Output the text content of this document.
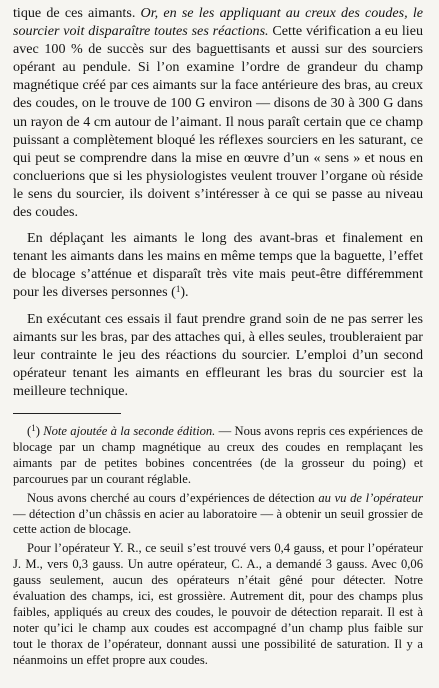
tique de ces aimants. Or, en se les appliquant au creux des coudes, le sourcier voit disparaître toutes ses réactions. Cette vérification a eu lieu avec 100 % de succès sur des baguettisants et aussi sur des sourciers opérant au pendule. Si l’on examine l’ordre de grandeur du champ magnétique créé par ces aimants sur la face antérieure des bras, au creux des coudes, on le trouve de 100 G environ — disons de 30 à 300 G dans un rayon de 4 cm autour de l’aimant. Il nous paraît certain que ce champ puissant a complètement bloqué les réflexes sourciers en les saturant, ce qui peut se comprendre dans la mise en œuvre d’un « sens » et nous en concluerions que si les physiologistes veulent trouver l’organe où réside le sens du sourcier, ils doivent s’intéresser à ce qui se passe au niveau des coudes.

En déplaçant les aimants le long des avant-bras et finalement en tenant les aimants dans les mains en même temps que la baguette, l’effet de blocage s’atténue et disparaît très vite mais peut-être différemment pour les diverses personnes ($^1$).

En exécutant ces essais il faut prendre grand soin de ne pas serrer les aimants sur les bras, par des attaches qui, à elles seules, troubleraient par leur contrainte le jeu des réactions du sourcier. L’emploi d’un second opérateur tenant les aimants en effleurant les bras du sourcier est la meilleure technique.

($^1$) Note ajoutée à la seconde édition. — Nous avons repris ces expériences de blocage par un champ magnétique au creux des coudes en remplaçant les aimants par de petites bobines concentrées (de la grosseur du poing) et parcourues par un courant réglable.

Nous avons cherché au cours d’expériences de détection au vu de l’opérateur — détection d’un châssis en acier au laboratoire — à obtenir un seuil grossier de cette action de blocage.

Pour l’opérateur Y. R., ce seuil s’est trouvé vers 0,4 gauss, et pour l’opérateur J. M., vers 0,3 gauss. Un autre opérateur, C. A., a demandé 3 gauss. Avec 0,06 gauss seulement, aucun des opérateurs n’était gêné pour détecter. Notre évaluation des champs, ici, est grossière. Autrement dit, pour des champs plus faibles, appliqués au creux des coudes, le pouvoir de détection reparait. Il est à noter qu’ici le champ aux coudes est accompagné d’un champ plus faible sur tout le thorax de l’opérateur, donnant aussi une possibilité de saturation. Il y a néanmoins un effet propre aux coudes.
